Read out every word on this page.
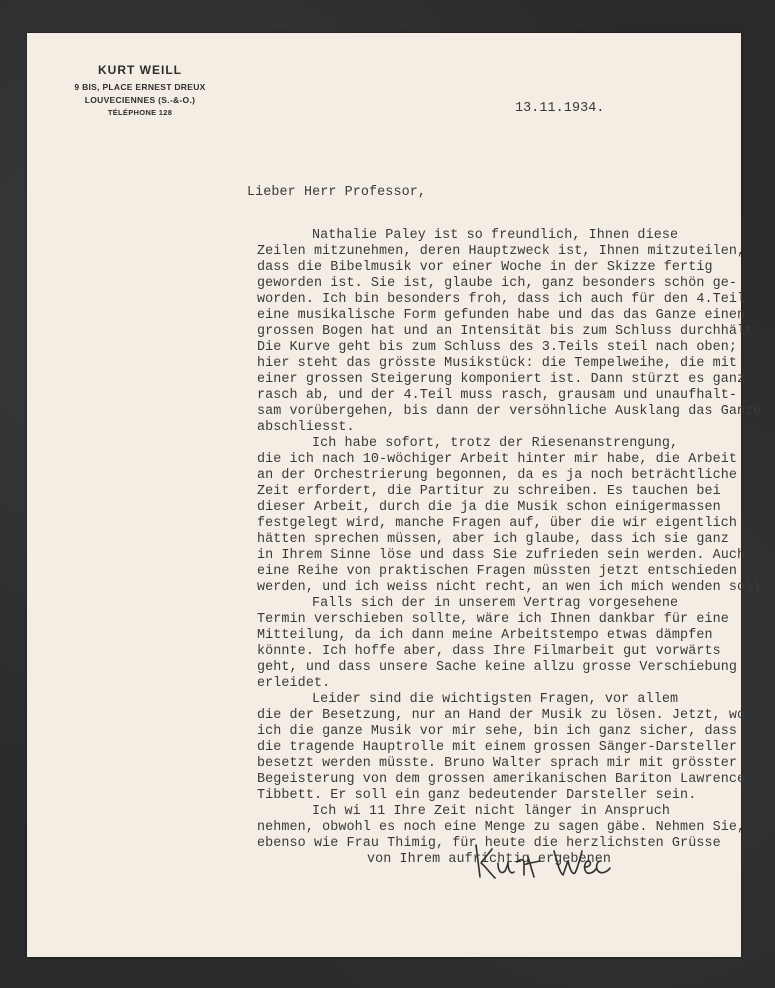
KURT WEILL
9 BIS, PLACE ERNEST DREUX
LOUVECIENNES (S.-&-O.)
TÉLÉPHONE 128	13.11.1934.
Lieber Herr Professor,
Nathalie Paley ist so freundlich, Ihnen diese
Zeilen mitzunehmen, deren Hauptzweck ist, Ihnen mitzuteilen,
dass die Bibelmusik vor einer Woche in der Skizze fertig
geworden ist. Sie ist, glaube ich, ganz besonders schön ge-
worden. Ich bin besonders froh, dass ich auch für den 4.Teil
eine musikalische Form gefunden habe und das das Ganze einen
grossen Bogen hat und an Intensität bis zum Schluss durchhält.
Die Kurve geht bis zum Schluss des 3.Teils steil nach oben;
hier steht das grösste Musikstück: die Tempelweihe, die mit
einer grossen Steigerung komponiert ist. Dann stürzt es ganz
rasch ab, und der 4.Teil muss rasch, grausam und unaufhalt-
sam vorübergehen, bis dann der versöhnliche Ausklang das Ganze
abschliesst.
Ich habe sofort, trotz der Riesenanstrengung,
die ich nach 10-wöchiger Arbeit hinter mir habe, die Arbeit
an der Orchestrierung begonnen, da es ja noch beträchtliche
Zeit erfordert, die Partitur zu schreiben. Es tauchen bei
dieser Arbeit, durch die ja die Musik schon einigermassen
festgelegt wird, manche Fragen auf, über die wir eigentlich
hätten sprechen müssen, aber ich glaube, dass ich sie ganz
in Ihrem Sinne löse und dass Sie zufrieden sein werden. Auch
eine Reihe von praktischen Fragen müssten jetzt entschieden
werden, und ich weiss nicht recht, an wen ich mich wenden soll
Falls sich der in unserem Vertrag vorgesehene
Termin verschieben sollte, wäre ich Ihnen dankbar für eine
Mitteilung, da ich dann meine Arbeitstempo etwas dämpfen
könnte. Ich hoffe aber, dass Ihre Filmarbeit gut vorwärts
geht, und dass unsere Sache keine allzu grosse Verschiebung
erleidet.
Leider sind die wichtigsten Fragen, vor allem
die der Besetzung, nur an Hand der Musik zu lösen. Jetzt, wo
ich die ganze Musik vor mir sehe, bin ich ganz sicher, dass
die tragende Hauptrolle mit einem grossen Sänger-Darsteller
besetzt werden müsste. Bruno Walter sprach mir mit grösster
Begeisterung von dem grossen amerikanischen Bariton Lawrence
Tibbett. Er soll ein ganz bedeutender Darsteller sein.
Ich wi 11 Ihre Zeit nicht länger in Anspruch
nehmen, obwohl es noch eine Menge zu sagen gäbe. Nehmen Sie,
ebenso wie Frau Thimig, für heute die herzlichsten Grüsse
von Ihrem aufrichtig ergebenen
